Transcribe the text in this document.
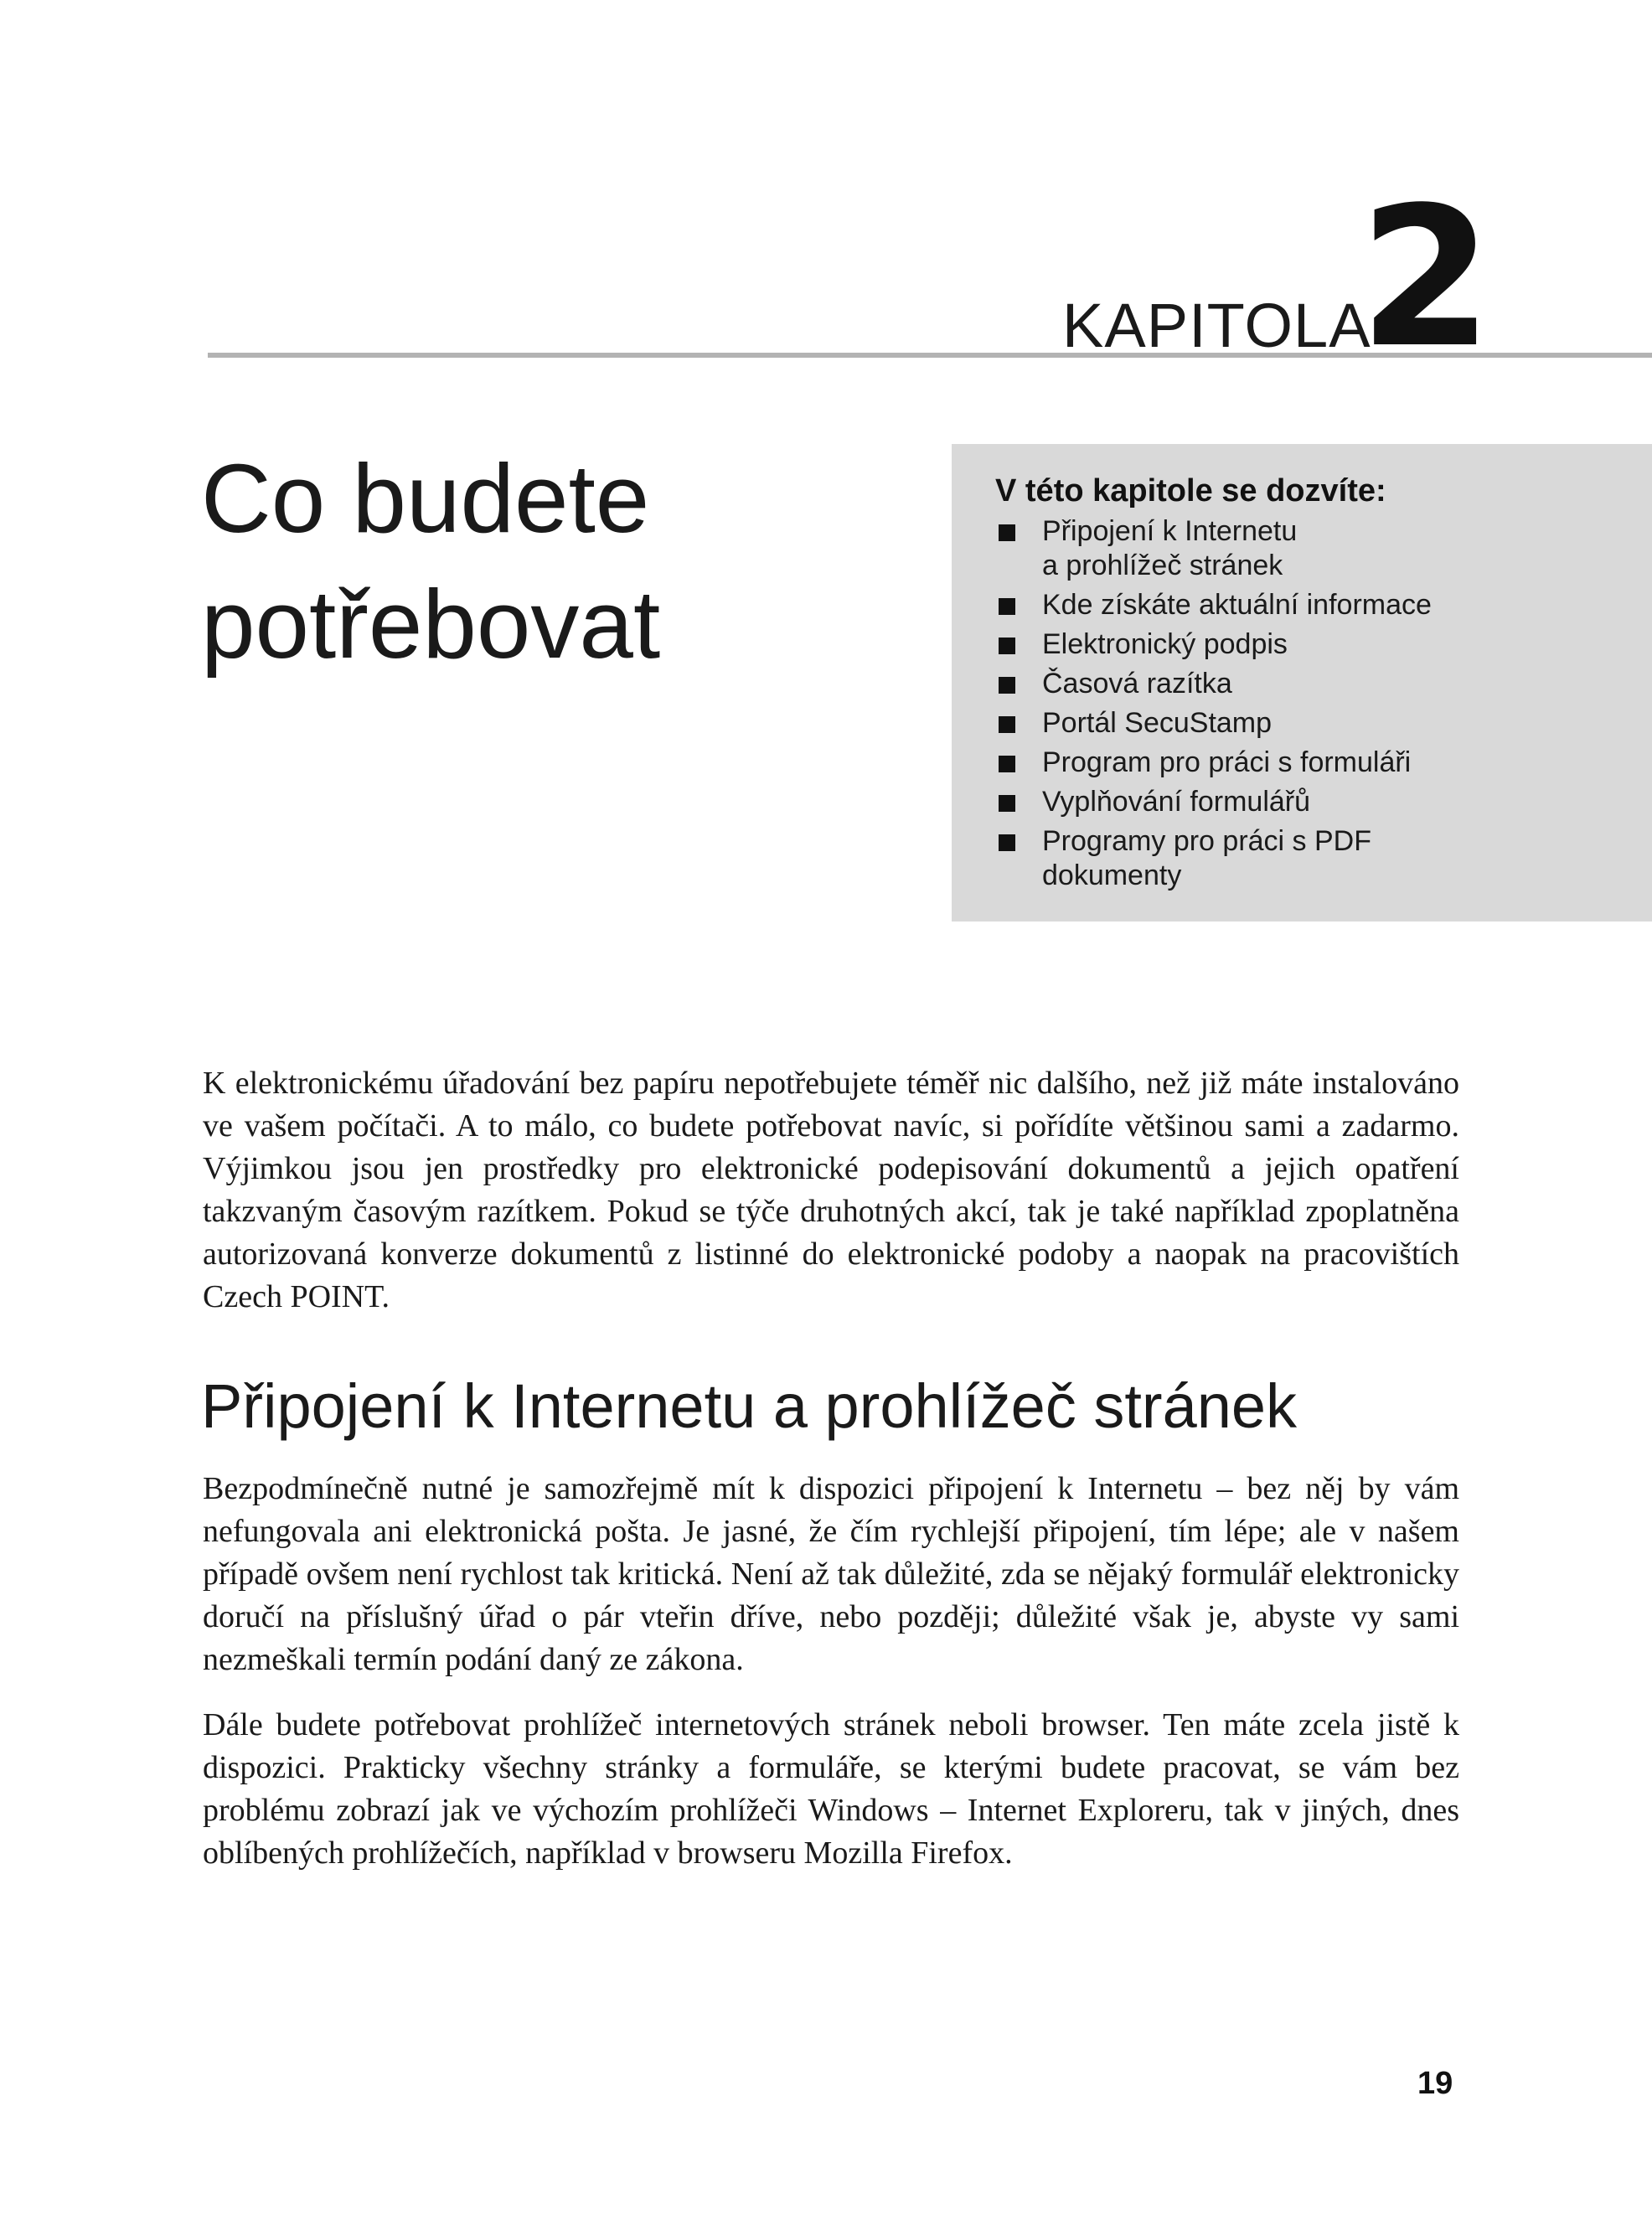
KAPITOLA
2
Co budete potřebovat
V této kapitole se dozvíte:
Připojení k Internetu
a prohlížeč stránek
Kde získáte aktuální informace
Elektronický podpis
Časová razítka
Portál SecuStamp
Program pro práci s formuláři
Vyplňování formulářů
Programy pro práci s PDF
dokumenty

K elektronickému úřadování bez papíru nepotřebujete téměř nic dalšího, než již máte instalováno ve vašem počítači. A to málo, co budete potřebovat navíc, si pořídíte většinou sami a zadarmo. Výjimkou jsou jen prostředky pro elektronické podepisování dokumentů a jejich opatření takzvaným časovým razítkem. Pokud se týče druhotných akcí, tak je také například zpoplatněna autorizovaná konverze dokumentů z listinné do elektronické podoby a naopak na pracovištích Czech POINT.

Připojení k Internetu a prohlížeč stránek

Bezpodmínečně nutné je samozřejmě mít k dispozici připojení k Internetu – bez něj by vám nefungovala ani elektronická pošta. Je jasné, že čím rychlejší připojení, tím lépe; ale v našem případě ovšem není rychlost tak kritická. Není až tak důležité, zda se nějaký formulář elektronicky doručí na příslušný úřad o pár vteřin dříve, nebo později; důležité však je, abyste vy sami nezmeškali termín podání daný ze zákona.

Dále budete potřebovat prohlížeč internetových stránek neboli browser. Ten máte zcela jistě k dispozici. Prakticky všechny stránky a formuláře, se kterými budete pracovat, se vám bez problému zobrazí jak ve výchozím prohlížeči Windows – Internet Exploreru, tak v jiných, dnes oblíbených prohlížečích, například v browseru Mozilla Firefox.

19
